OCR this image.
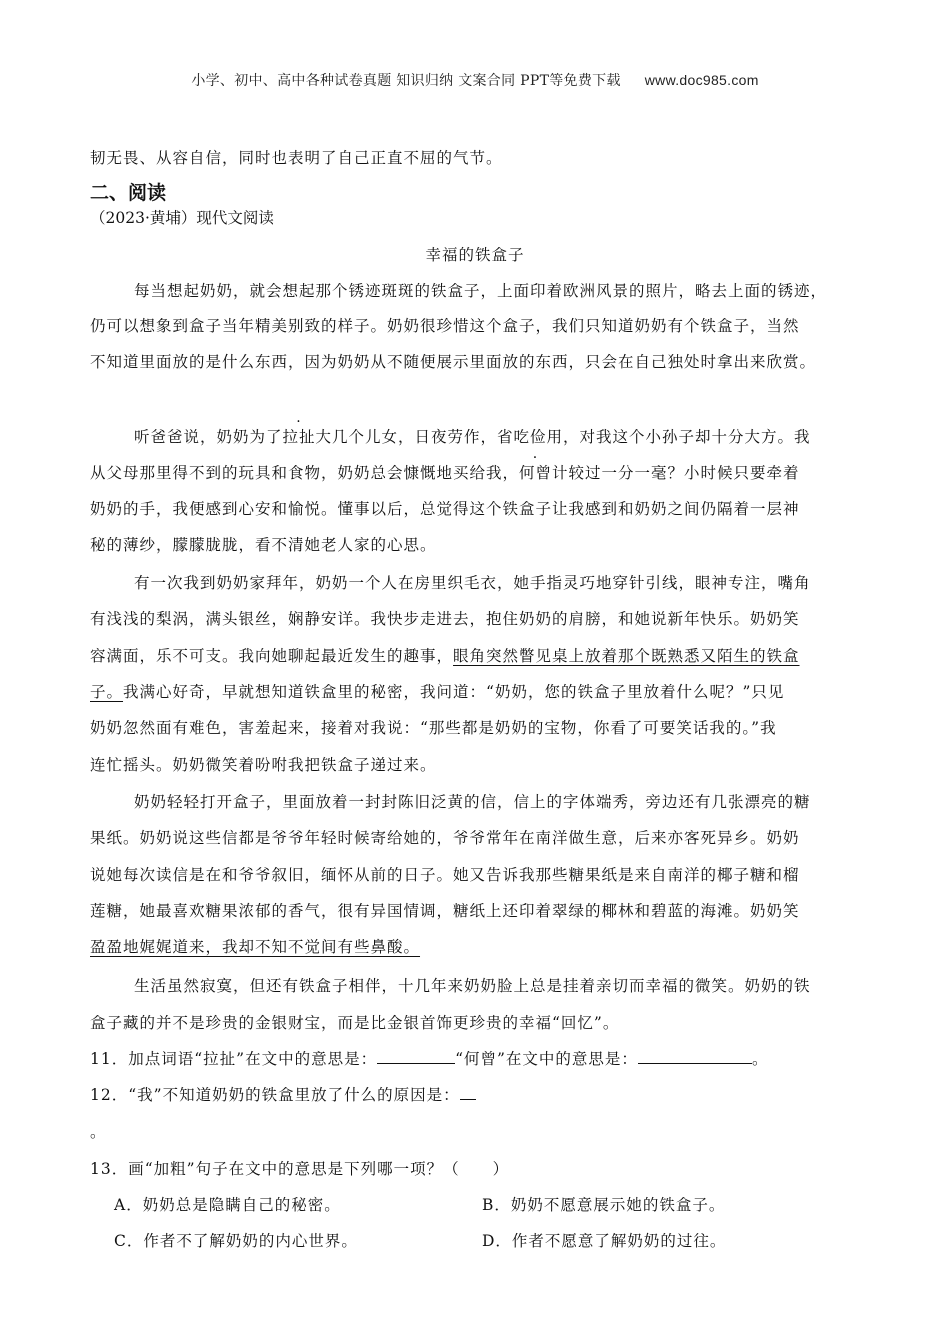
小学、初中、高中各种试卷真题 知识归纳 文案合同 PPT等免费下载 www.doc985.com
韧无畏、从容自信，同时也表明了自己正直不屈的气节。
二、阅读
（2023·黄埔）现代文阅读
幸福的铁盒子
每当想起奶奶，就会想起那个锈迹斑斑的铁盒子，上面印着欧洲风景的照片，略去上面的锈迹，
仍可以想象到盒子当年精美别致的样子。奶奶很珍惜这个盒子，我们只知道奶奶有个铁盒子，当然
不知道里面放的是什么东西，因为奶奶从不随便展示里面放的东西，只会在自己独处时拿出来欣赏。
听爸爸说，奶奶为了拉扯大几个儿女，日夜劳作，省吃俭用，对我这个小孙子却十分大方。我
从父母那里得不到的玩具和食物，奶奶总会慷慨地买给我，何曾计较过一分一毫？小时候只要牵着
奶奶的手，我便感到心安和愉悦。懂事以后，总觉得这个铁盒子让我感到和奶奶之间仍隔着一层神
秘的薄纱，朦朦胧胧，看不清她老人家的心思。
有一次我到奶奶家拜年，奶奶一个人在房里织毛衣，她手指灵巧地穿针引线，眼神专注，嘴角
有浅浅的梨涡，满头银丝，娴静安详。我快步走进去，抱住奶奶的肩膀，和她说新年快乐。奶奶笑
容满面，乐不可支。我向她聊起最近发生的趣事，眼角突然瞥见桌上放着那个既熟悉又陌生的铁盒
子。我满心好奇，早就想知道铁盒里的秘密，我问道：“奶奶，您的铁盒子里放着什么呢？”只见
奶奶忽然面有难色，害羞起来，接着对我说：“那些都是奶奶的宝物，你看了可要笑话我的。”我
连忙摇头。奶奶微笑着吩咐我把铁盒子递过来。
奶奶轻轻打开盒子，里面放着一封封陈旧泛黄的信，信上的字体端秀，旁边还有几张漂亮的糖
果纸。奶奶说这些信都是爷爷年轻时候寄给她的，爷爷常年在南洋做生意，后来亦客死异乡。奶奶
说她每次读信是在和爷爷叙旧，缅怀从前的日子。她又告诉我那些糖果纸是来自南洋的椰子糖和榴
莲糖，她最喜欢糖果浓郁的香气，很有异国情调，糖纸上还印着翠绿的椰林和碧蓝的海滩。奶奶笑
盈盈地娓娓道来，我却不知不觉间有些鼻酸。
生活虽然寂寞，但还有铁盒子相伴，十几年来奶奶脸上总是挂着亲切而幸福的微笑。奶奶的铁
盒子藏的并不是珍贵的金银财宝，而是比金银首饰更珍贵的幸福“回忆”。
11．加点词语“拉扯”在文中的意思是：	“何曾”在文中的意思是：	。
12．“我”不知道奶奶的铁盒里放了什么的原因是：
。
13．画“加粗”句子在文中的意思是下列哪一项？（　　）
A．奶奶总是隐瞒自己的秘密。	B．奶奶不愿意展示她的铁盒子。
C．作者不了解奶奶的内心世界。	D．作者不愿意了解奶奶的过往。
